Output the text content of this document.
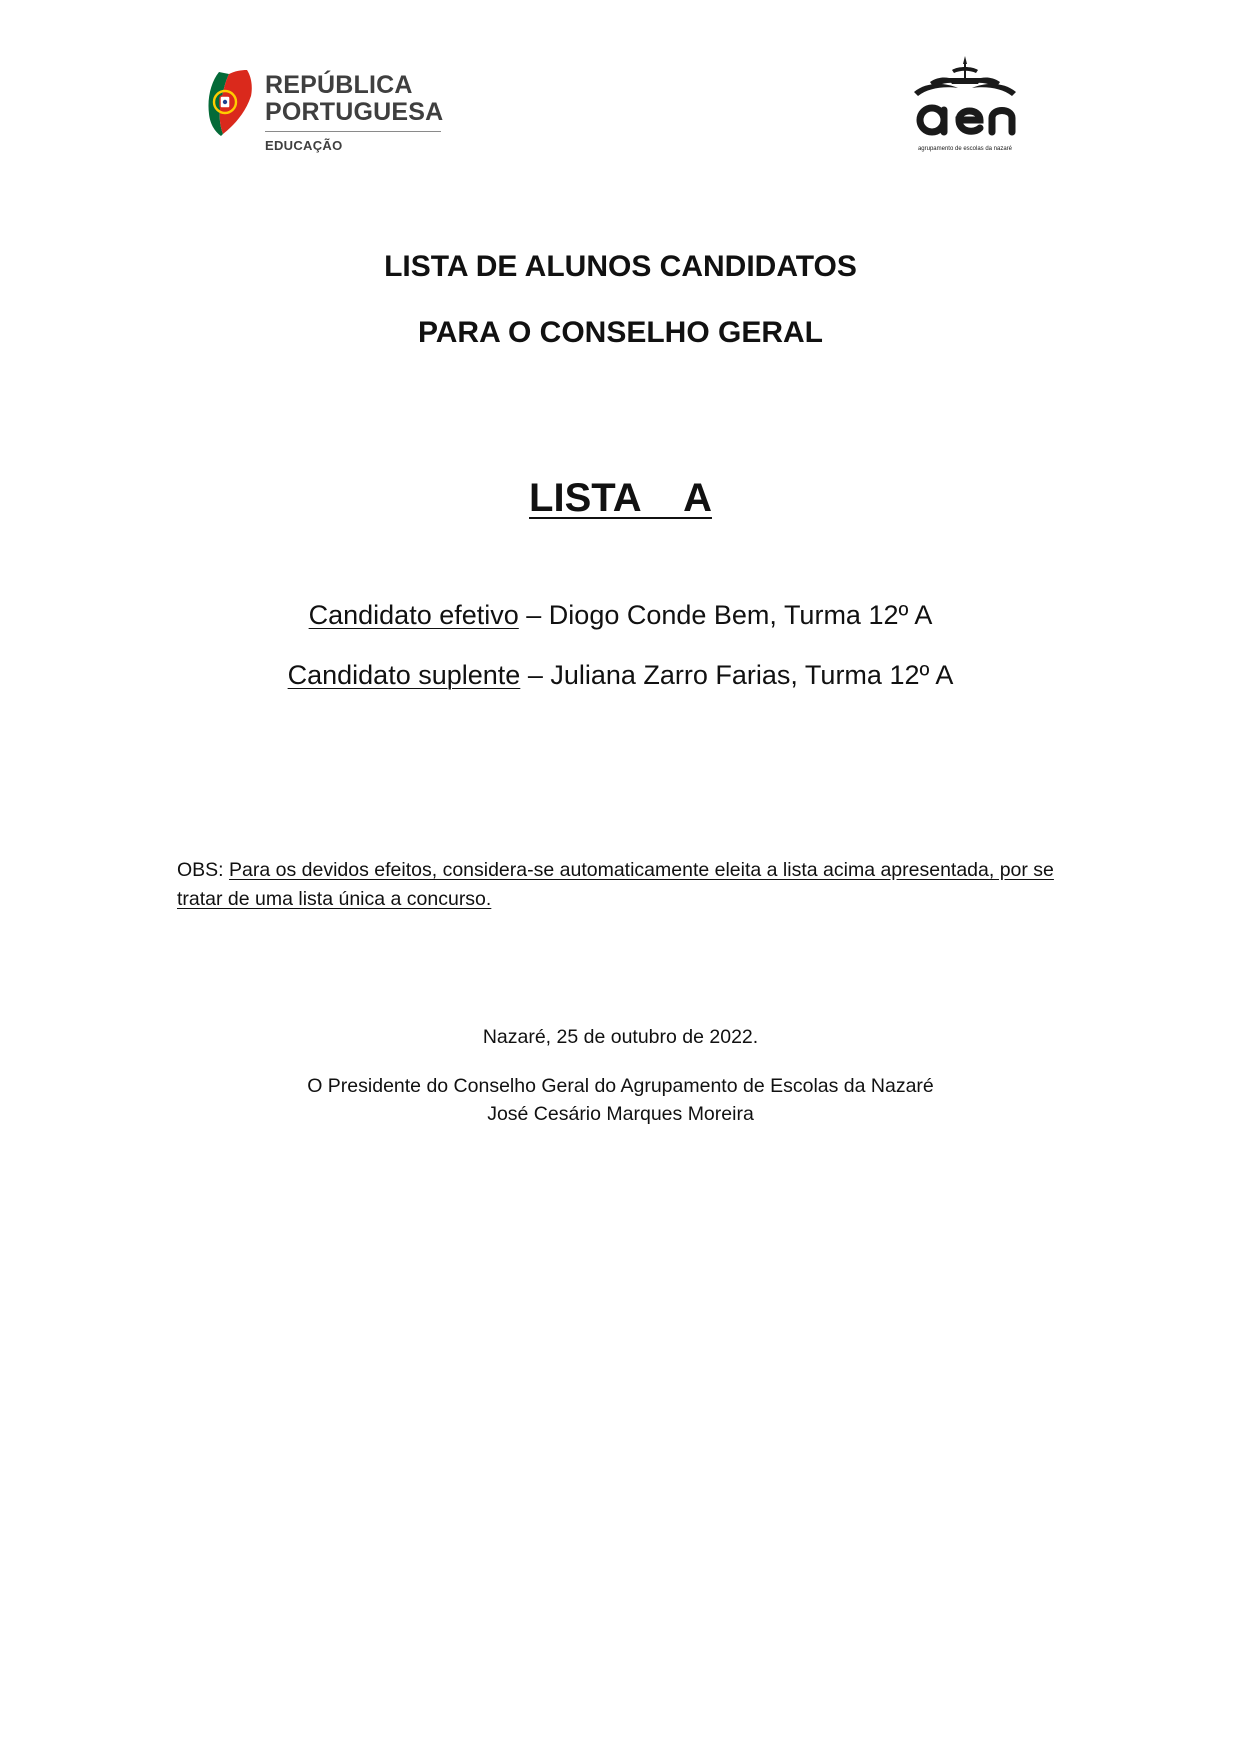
REPÚBLICA
PORTUGUESA
EDUCAÇÃO	agrupamento de escolas da nazaré
LISTA DE ALUNOS CANDIDATOS
PARA O CONSELHO GERAL
LISTA    A
Candidato efetivo – Diogo Conde Bem, Turma 12º A
Candidato suplente – Juliana Zarro Farias, Turma 12º A
OBS: Para os devidos efeitos, considera-se automaticamente eleita a lista acima apresentada, por se tratar de uma lista única a concurso.
Nazaré, 25 de outubro de 2022.
O Presidente do Conselho Geral do Agrupamento de Escolas da Nazaré
José Cesário Marques Moreira
